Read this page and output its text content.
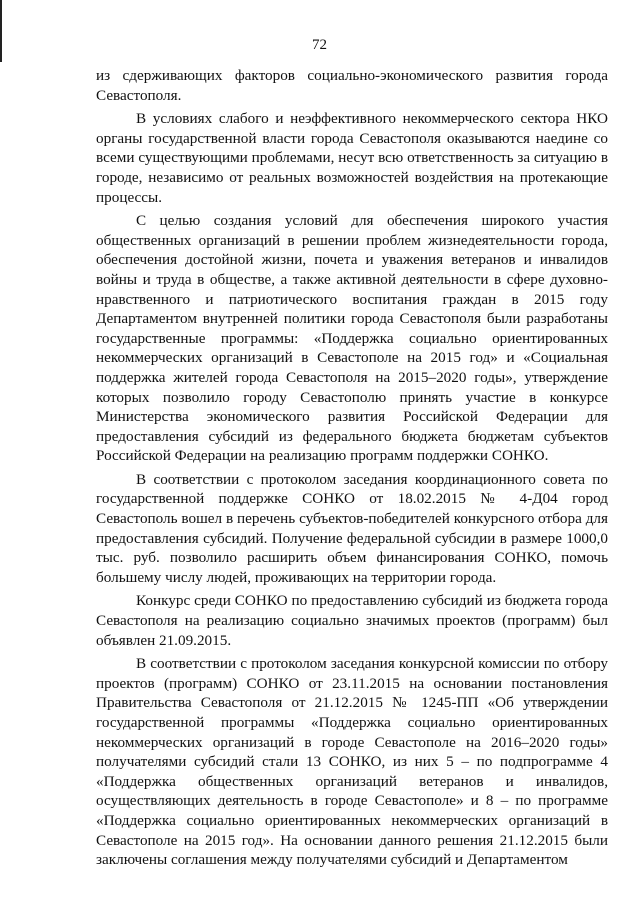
72

из сдерживающих факторов социально-экономического развития города Севастополя.

В условиях слабого и неэффективного некоммерческого сектора НКО органы государственной власти города Севастополя оказываются наедине со всеми существующими проблемами, несут всю ответственность за ситуацию в городе, независимо от реальных возможностей воздействия на протекающие процессы.

С целью создания условий для обеспечения широкого участия общественных организаций в решении проблем жизнедеятельности города, обеспечения достойной жизни, почета и уважения ветеранов и инвалидов войны и труда в обществе, а также активной деятельности в сфере духовно-нравственного и патриотического воспитания граждан в 2015 году Департаментом внутренней политики города Севастополя были разработаны государственные программы: «Поддержка социально ориентированных некоммерческих организаций в Севастополе на 2015 год» и «Социальная поддержка жителей города Севастополя на 2015–2020 годы», утверждение которых позволило городу Севастополю принять участие в конкурсе Министерства экономического развития Российской Федерации для предоставления субсидий из федерального бюджета бюджетам субъектов Российской Федерации на реализацию программ поддержки СОНКО.

В соответствии с протоколом заседания координационного совета по государственной поддержке СОНКО от 18.02.2015 № 4-Д04 город Севастополь вошел в перечень субъектов-победителей конкурсного отбора для предоставления субсидий. Получение федеральной субсидии в размере 1000,0 тыс. руб. позволило расширить объем финансирования СОНКО, помочь большему числу людей, проживающих на территории города.

Конкурс среди СОНКО по предоставлению субсидий из бюджета города Севастополя на реализацию социально значимых проектов (программ) был объявлен 21.09.2015.

В соответствии с протоколом заседания конкурсной комиссии по отбору проектов (программ) СОНКО от 23.11.2015 на основании постановления Правительства Севастополя от 21.12.2015 № 1245-ПП «Об утверждении государственной программы «Поддержка социально ориентированных некоммерческих организаций в городе Севастополе на 2016–2020 годы» получателями субсидий стали 13 СОНКО, из них 5 – по подпрограмме 4 «Поддержка общественных организаций ветеранов и инвалидов, осуществляющих деятельность в городе Севастополе» и 8 – по программе «Поддержка социально ориентированных некоммерческих организаций в Севастополе на 2015 год». На основании данного решения 21.12.2015 были заключены соглашения между получателями субсидий и Департаментом
